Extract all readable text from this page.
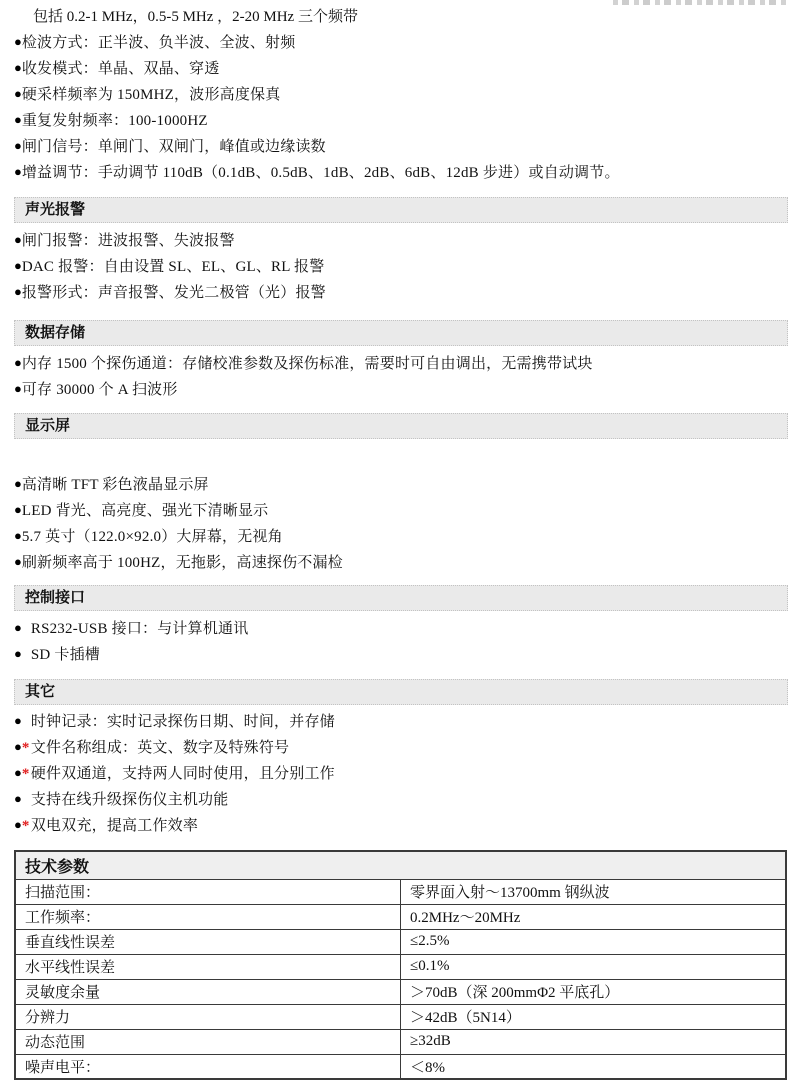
包括 0.2-1 MHz，0.5-5 MHz ，2-20 MHz 三个频带
●检波方式：正半波、负半波、全波、射频
●收发模式：单晶、双晶、穿透
●硬采样频率为 150MHZ，波形高度保真
●重复发射频率：100-1000HZ
●闸门信号：单闸门、双闸门，峰值或边缘读数
●增益调节：手动调节 110dB（0.1dB、0.5dB、1dB、2dB、6dB、12dB 步进）或自动调节。
声光报警
●闸门报警：进波报警、失波报警
●DAC 报警：自由设置 SL、EL、GL、RL 报警
●报警形式：声音报警、发光二极管（光）报警
数据存储
●内存 1500 个探伤通道：存储校准参数及探伤标准，需要时可自由调出，无需携带试块
●可存 30000 个 A 扫波形
显示屏
●高清晰 TFT 彩色液晶显示屏
●LED 背光、高亮度、强光下清晰显示
●5.7 英寸（122.0×92.0）大屏幕，无视角
●刷新频率高于 100HZ，无拖影，高速探伤不漏检
控制接口
● RS232-USB 接口：与计算机通讯
● SD 卡插槽
其它
● 时钟记录：实时记录探伤日期、时间，并存储
●* 文件名称组成：英文、数字及特殊符号
●* 硬件双通道，支持两人同时使用，且分别工作
● 支持在线升级探伤仪主机功能
●* 双电双充，提高工作效率
技术参数	
扫描范围：	零界面入射～13700mm 钢纵波
工作频率：	0.2MHz～20MHz
垂直线性误差	≤2.5%
水平线性误差	≤0.1%
灵敏度余量	＞70dB（深 200mmΦ2 平底孔）
分辨力	＞42dB（5N14）
动态范围	≥32dB
噪声电平：	＜8%
